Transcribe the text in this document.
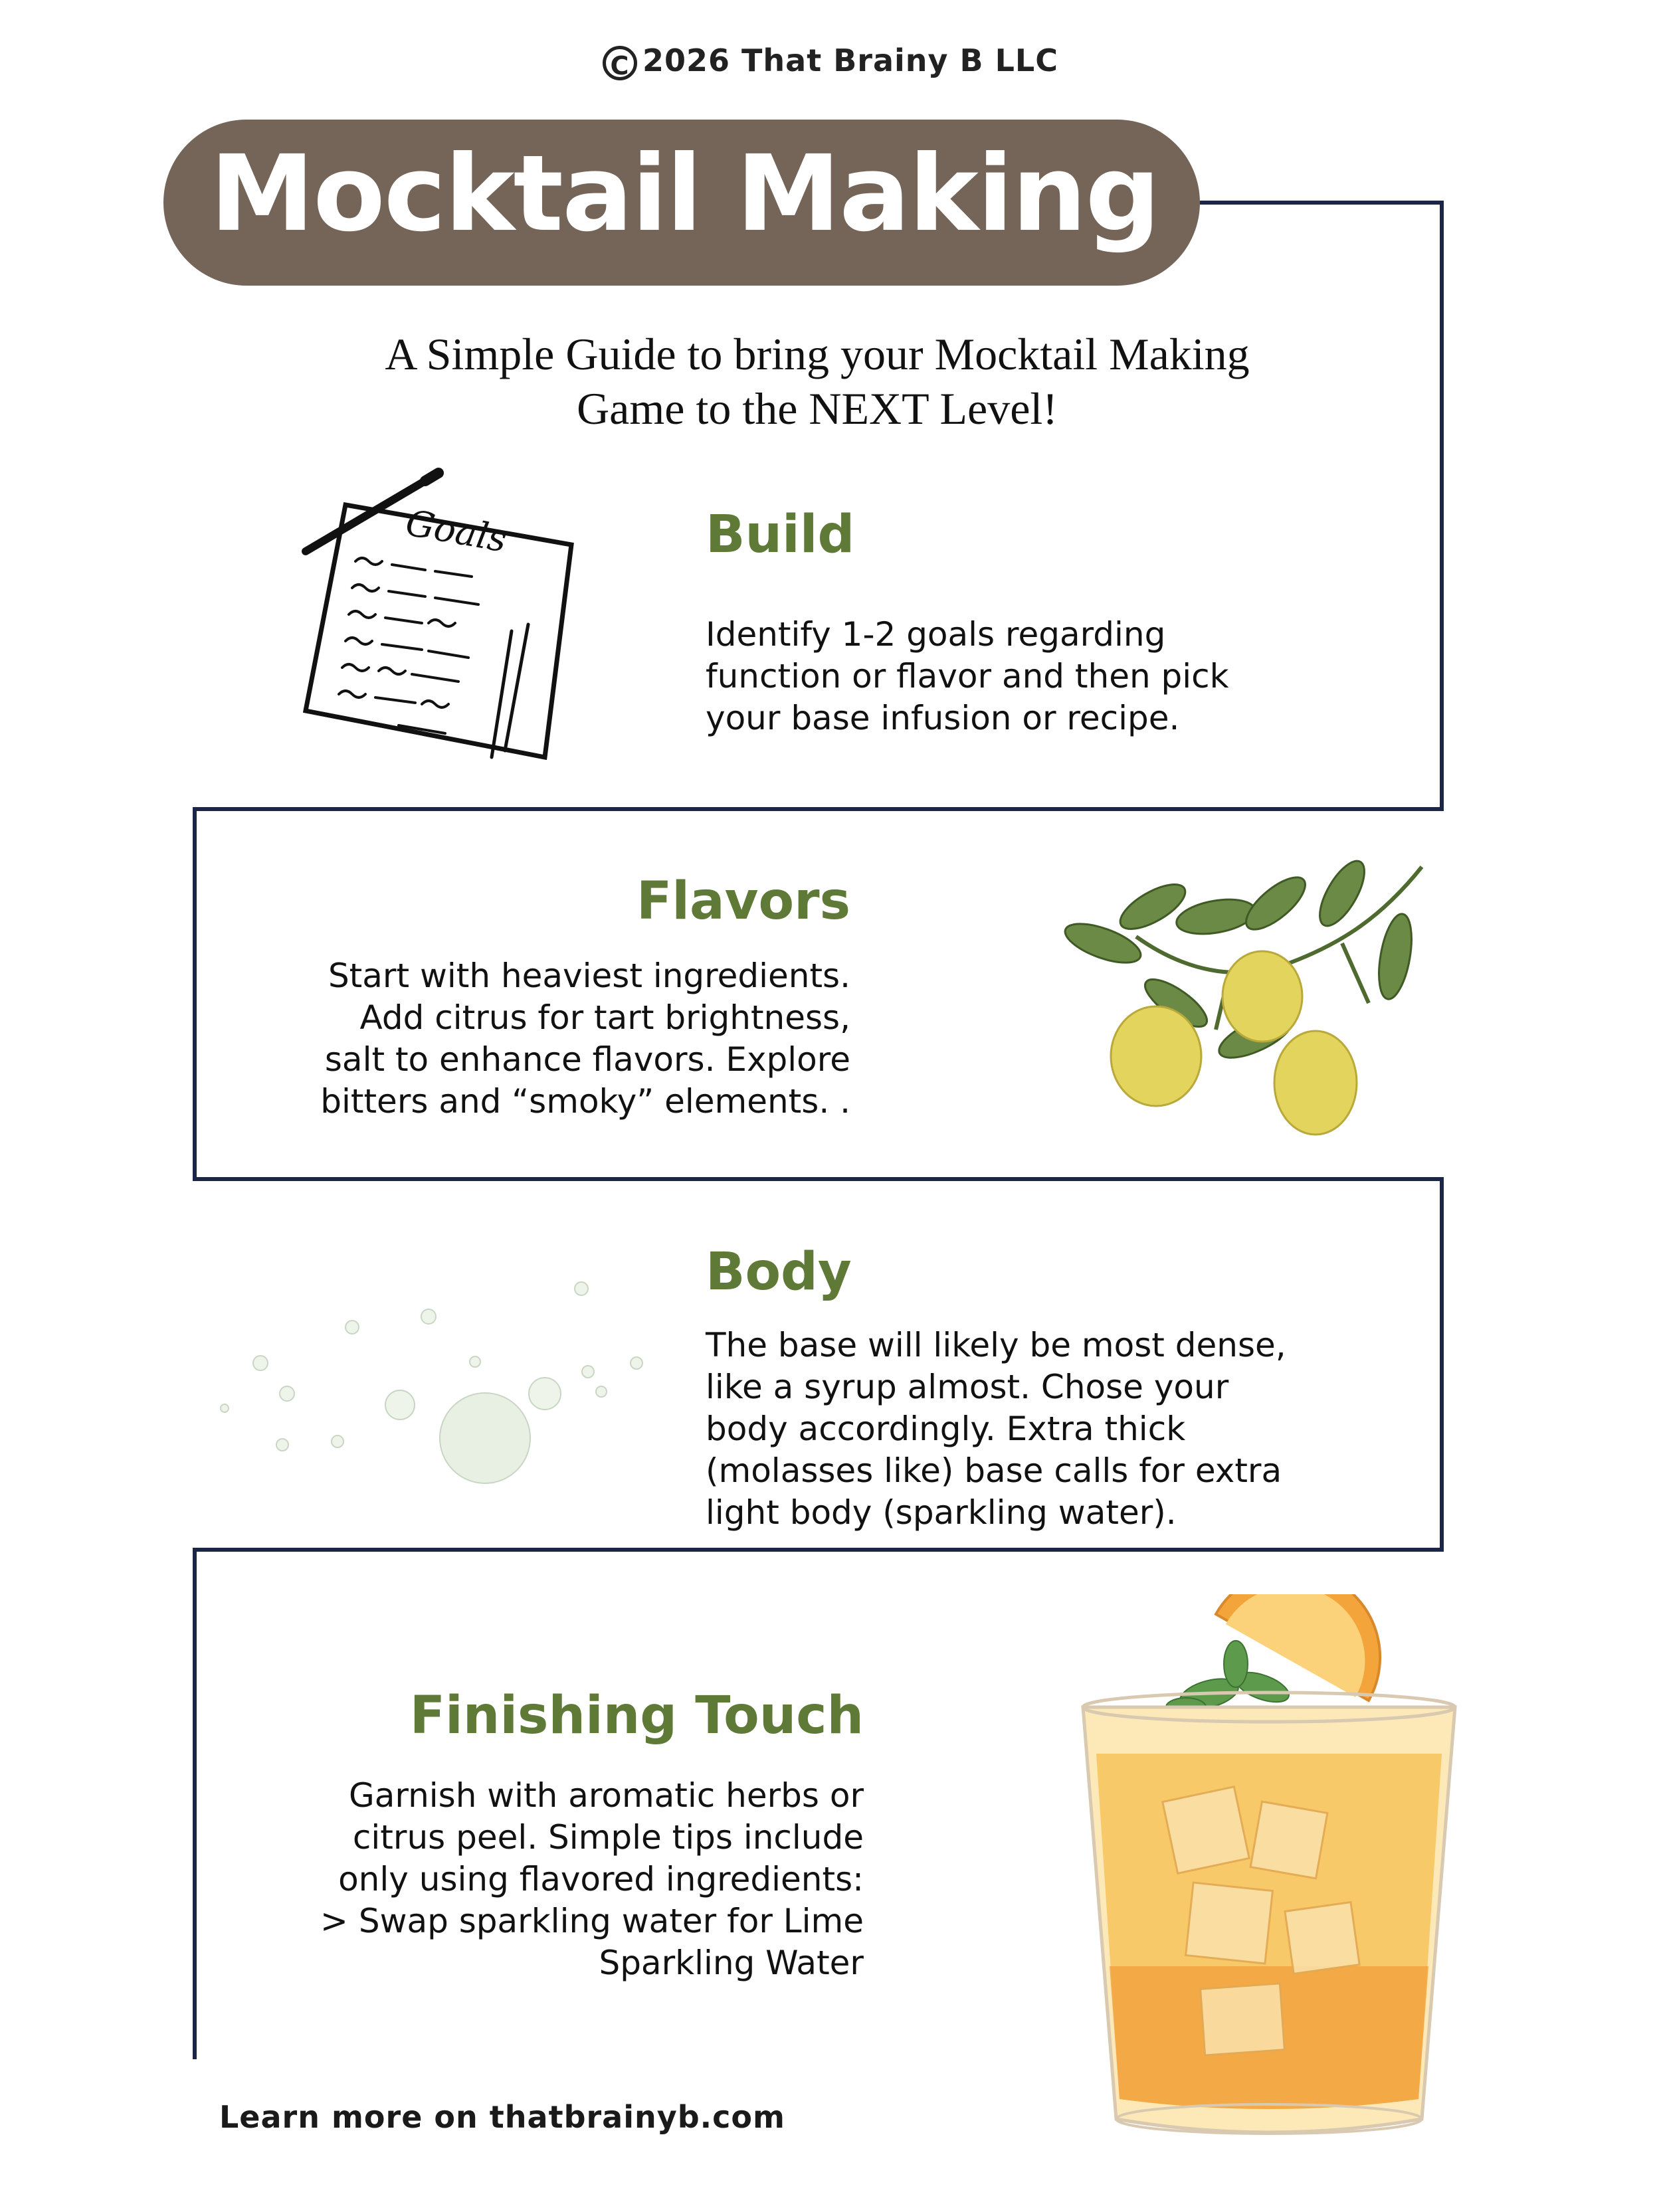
C 2026 That Brainy B LLC
Mocktail Making
A Simple Guide to bring your Mocktail Making
Game to the NEXT Level!
Goals	Build
Identify 1-2 goals regarding
function or flavor and then pick
your base infusion or recipe.
Flavors
Start with heaviest ingredients.
Add citrus for tart brightness,
salt to enhance flavors. Explore
bitters and “smoky” elements. .
Body
The base will likely be most dense,
like a syrup almost. Chose your
body accordingly. Extra thick
(molasses like) base calls for extra
light body (sparkling water).
Finishing Touch
Garnish with aromatic herbs or
citrus peel. Simple tips include
only using flavored ingredients:
> Swap sparkling water for Lime
Sparkling Water
Learn more on thatbrainyb.com
